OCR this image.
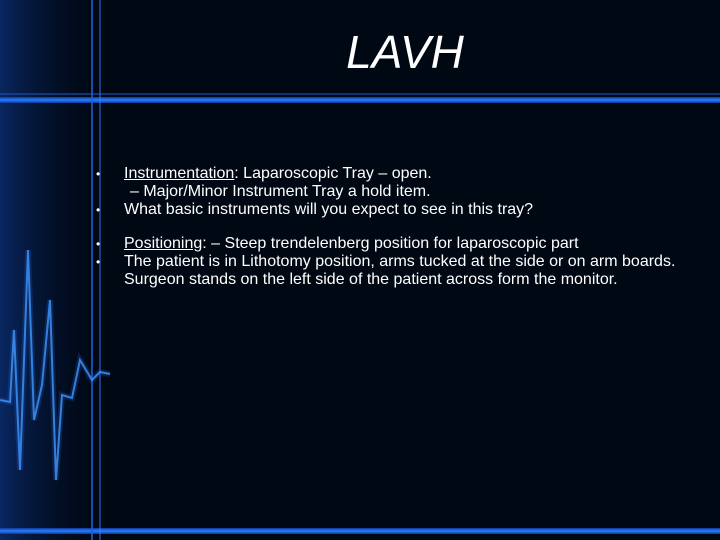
LAVH
•	Instrumentation: Laparoscopic Tray – open.
– Major/Minor Instrument Tray a hold item.
•	What basic instruments will you expect to see in this tray?
•	Positioning: – Steep trendelenberg position for laparoscopic part
•	The patient is in Lithotomy position, arms tucked at the side or on arm boards. Surgeon stands on the left side of the patient across form the monitor.
